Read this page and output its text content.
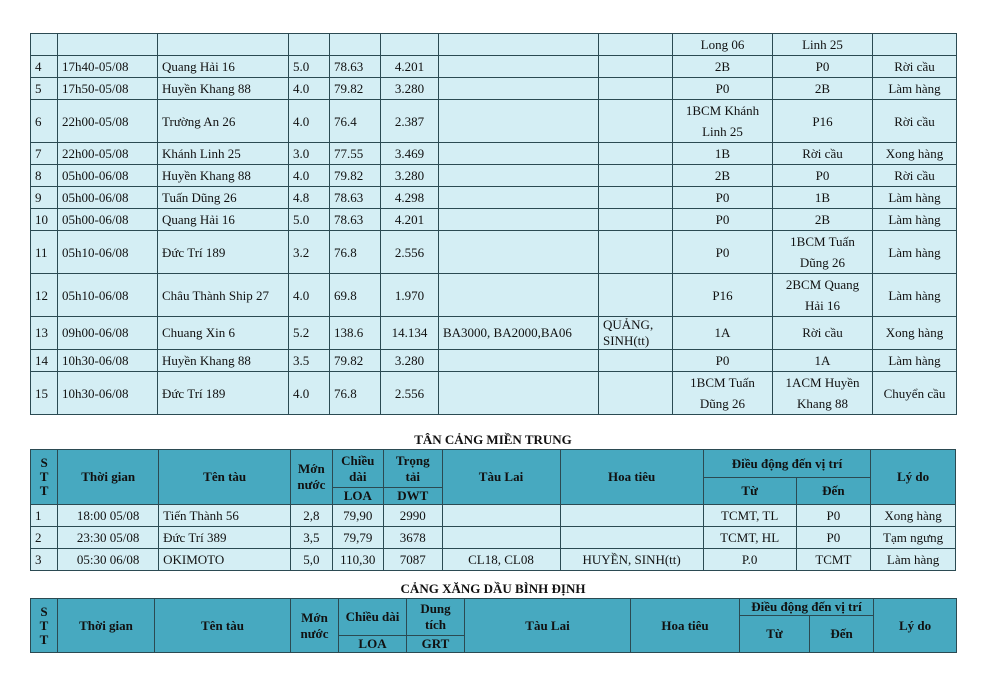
								Long 06	Linh 25	
4	17h40-05/08	Quang Hải 16	5.0	78.63	4.201			2B	P0	Rời cầu
5	17h50-05/08	Huyền Khang 88	4.0	79.82	3.280			P0	2B	Làm hàng
6	22h00-05/08	Trường An 26	4.0	76.4	2.387			1BCM Khánh Linh 25	P16	Rời cầu
7	22h00-05/08	Khánh Linh 25	3.0	77.55	3.469			1B	Rời cầu	Xong hàng
8	05h00-06/08	Huyền Khang 88	4.0	79.82	3.280			2B	P0	Rời cầu
9	05h00-06/08	Tuấn Dũng 26	4.8	78.63	4.298			P0	1B	Làm hàng
10	05h00-06/08	Quang Hải 16	5.0	78.63	4.201			P0	2B	Làm hàng
11	05h10-06/08	Đức Trí 189	3.2	76.8	2.556			P0	1BCM Tuấn Dũng 26	Làm hàng
12	05h10-06/08	Châu Thành Ship 27	4.0	69.8	1.970			P16	2BCM Quang Hải 16	Làm hàng
13	09h00-06/08	Chuang Xin 6	5.2	138.6	14.134	BA3000, BA2000,BA06	QUẢNG, SINH(tt)	1A	Rời cầu	Xong hàng
14	10h30-06/08	Huyền Khang 88	3.5	79.82	3.280			P0	1A	Làm hàng
15	10h30-06/08	Đức Trí 189	4.0	76.8	2.556			1BCM Tuấn Dũng 26	1ACM Huyền Khang 88	Chuyển cầu
TÂN CẢNG MIỀN TRUNG
S T T	Thời gian	Tên tàu	Mớn nước	Chiều dài	Trọng tải	Tàu Lai	Hoa tiêu	Điều động đến vị trí		Lý do
								Từ	Đến	
				LOA	DWT					
1	18:00 05/08	Tiến Thành 56	2,8	79,90	2990			TCMT, TL	P0	Xong hàng
2	23:30 05/08	Đức Trí 389	3,5	79,79	3678			TCMT, HL	P0	Tạm ngưng
3	05:30 06/08	OKIMOTO	5,0	110,30	7087	CL18, CL08	HUYỀN, SINH(tt)	P.0	TCMT	Làm hàng
CẢNG XĂNG DẦU BÌNH ĐỊNH
S T T	Thời gian	Tên tàu	Mớn nước	Chiều dài	Dung tích	Tàu Lai	Hoa tiêu	Điều động đến vị trí		Lý do
								Từ	Đến	
				LOA	GRT					
